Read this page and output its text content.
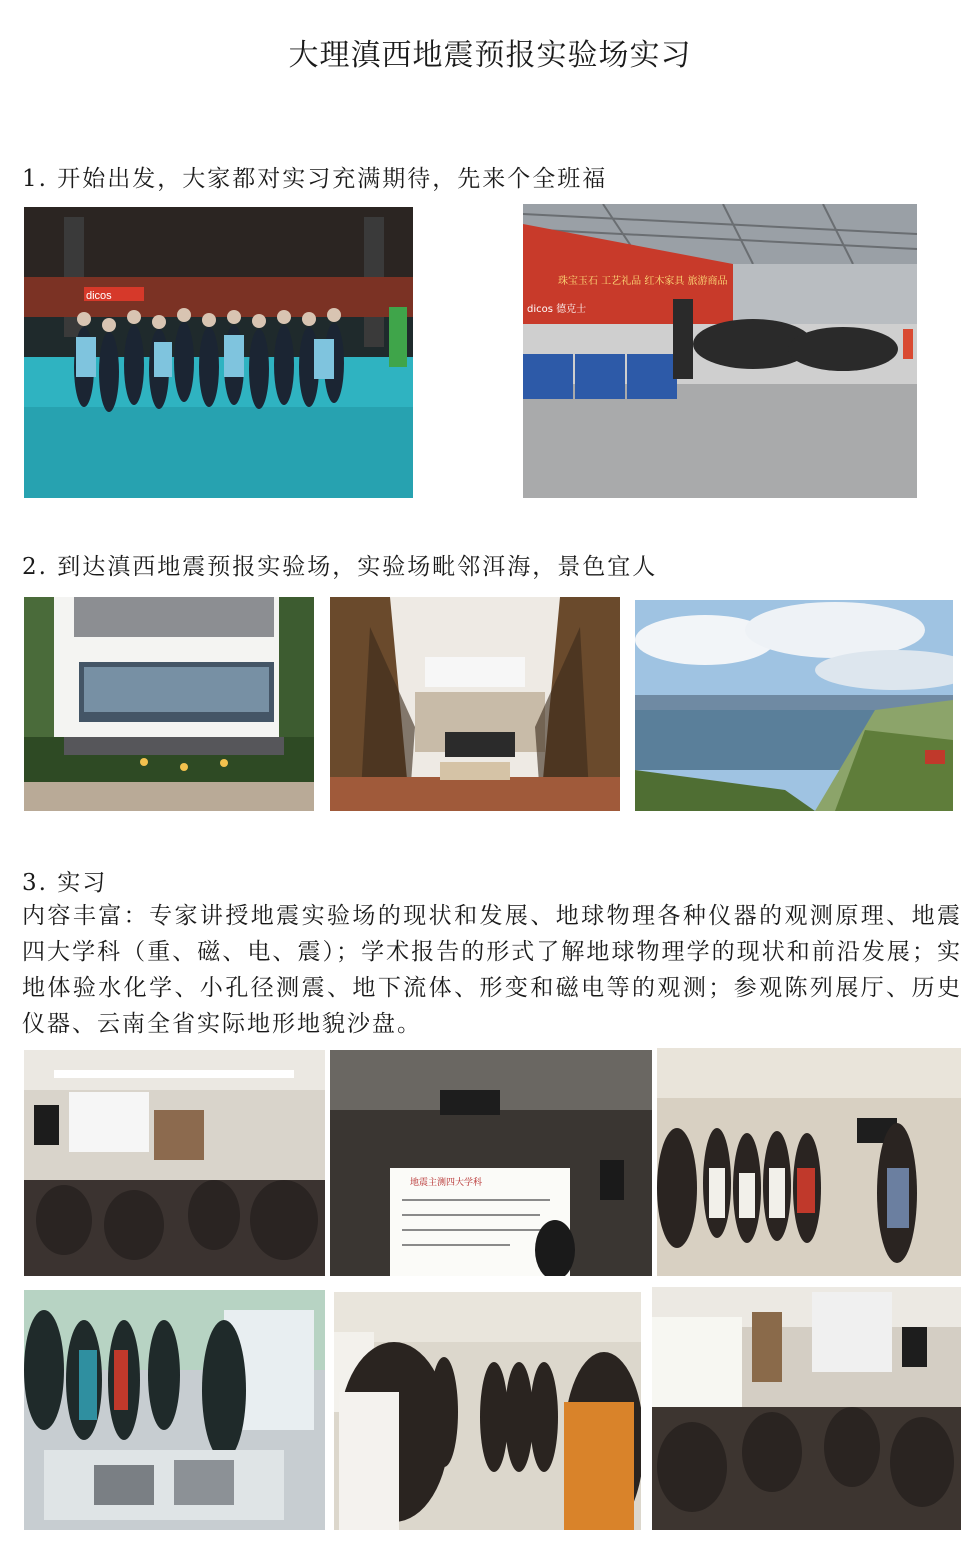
大理滇西地震预报实验场实习
1. 开始出发，大家都对实习充满期待，先来个全班福
dicos
珠宝玉石 工艺礼品 红木家具 旅游商品
dicos 德克士
2. 到达滇西地震预报实验场，实验场毗邻洱海，景色宜人
3. 实习
内容丰富：专家讲授地震实验场的现状和发展、地球物理各种仪器的观测原理、地震四大学科（重、磁、电、震）；学术报告的形式了解地球物理学的现状和前沿发展；实地体验水化学、小孔径测震、地下流体、形变和磁电等的观测；参观陈列展厅、历史仪器、云南全省实际地形地貌沙盘。
地震主测四大学科
